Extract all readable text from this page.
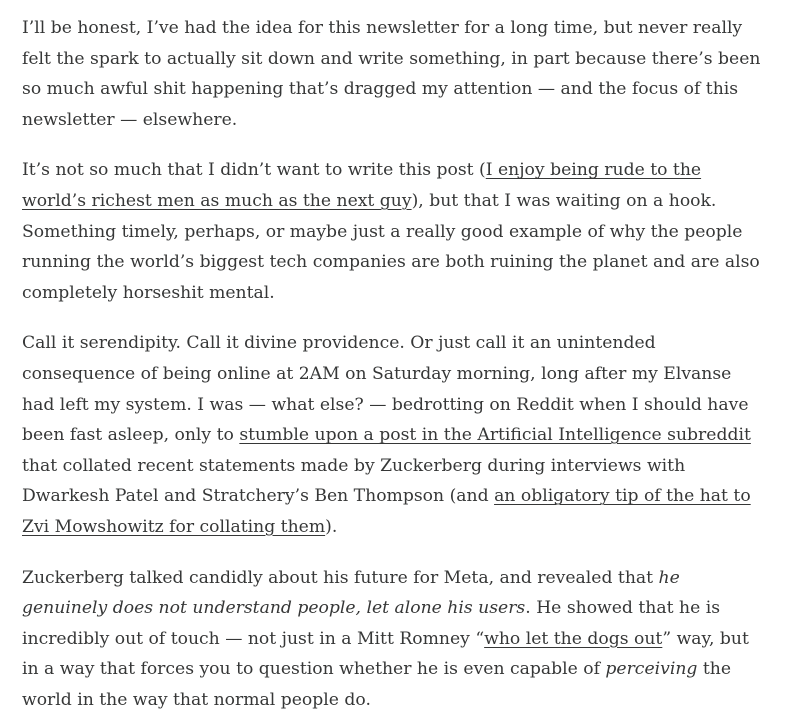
I’ll be honest, I’ve had the idea for this newsletter for a long time, but never really felt the spark to actually sit down and write something, in part because there’s been so much awful shit happening that’s dragged my attention — and the focus of this newsletter — elsewhere.

It’s not so much that I didn’t want to write this post (I enjoy being rude to the world’s richest men as much as the next guy), but that I was waiting on a hook. Something timely, perhaps, or maybe just a really good example of why the people running the world’s biggest tech companies are both ruining the planet and are also completely horseshit mental.

Call it serendipity. Call it divine providence. Or just call it an unintended consequence of being online at 2AM on Saturday morning, long after my Elvanse had left my system. I was — what else? — bedrotting on Reddit when I should have been fast asleep, only to stumble upon a post in the Artificial Intelligence subreddit that collated recent statements made by Zuckerberg during interviews with Dwarkesh Patel and Stratchery’s Ben Thompson (and an obligatory tip of the hat to Zvi Mowshowitz for collating them).

Zuckerberg talked candidly about his future for Meta, and revealed that he genuinely does not understand people, let alone his users. He showed that he is incredibly out of touch — not just in a Mitt Romney “who let the dogs out” way, but in a way that forces you to question whether he is even capable of perceiving the world in the way that normal people do.
